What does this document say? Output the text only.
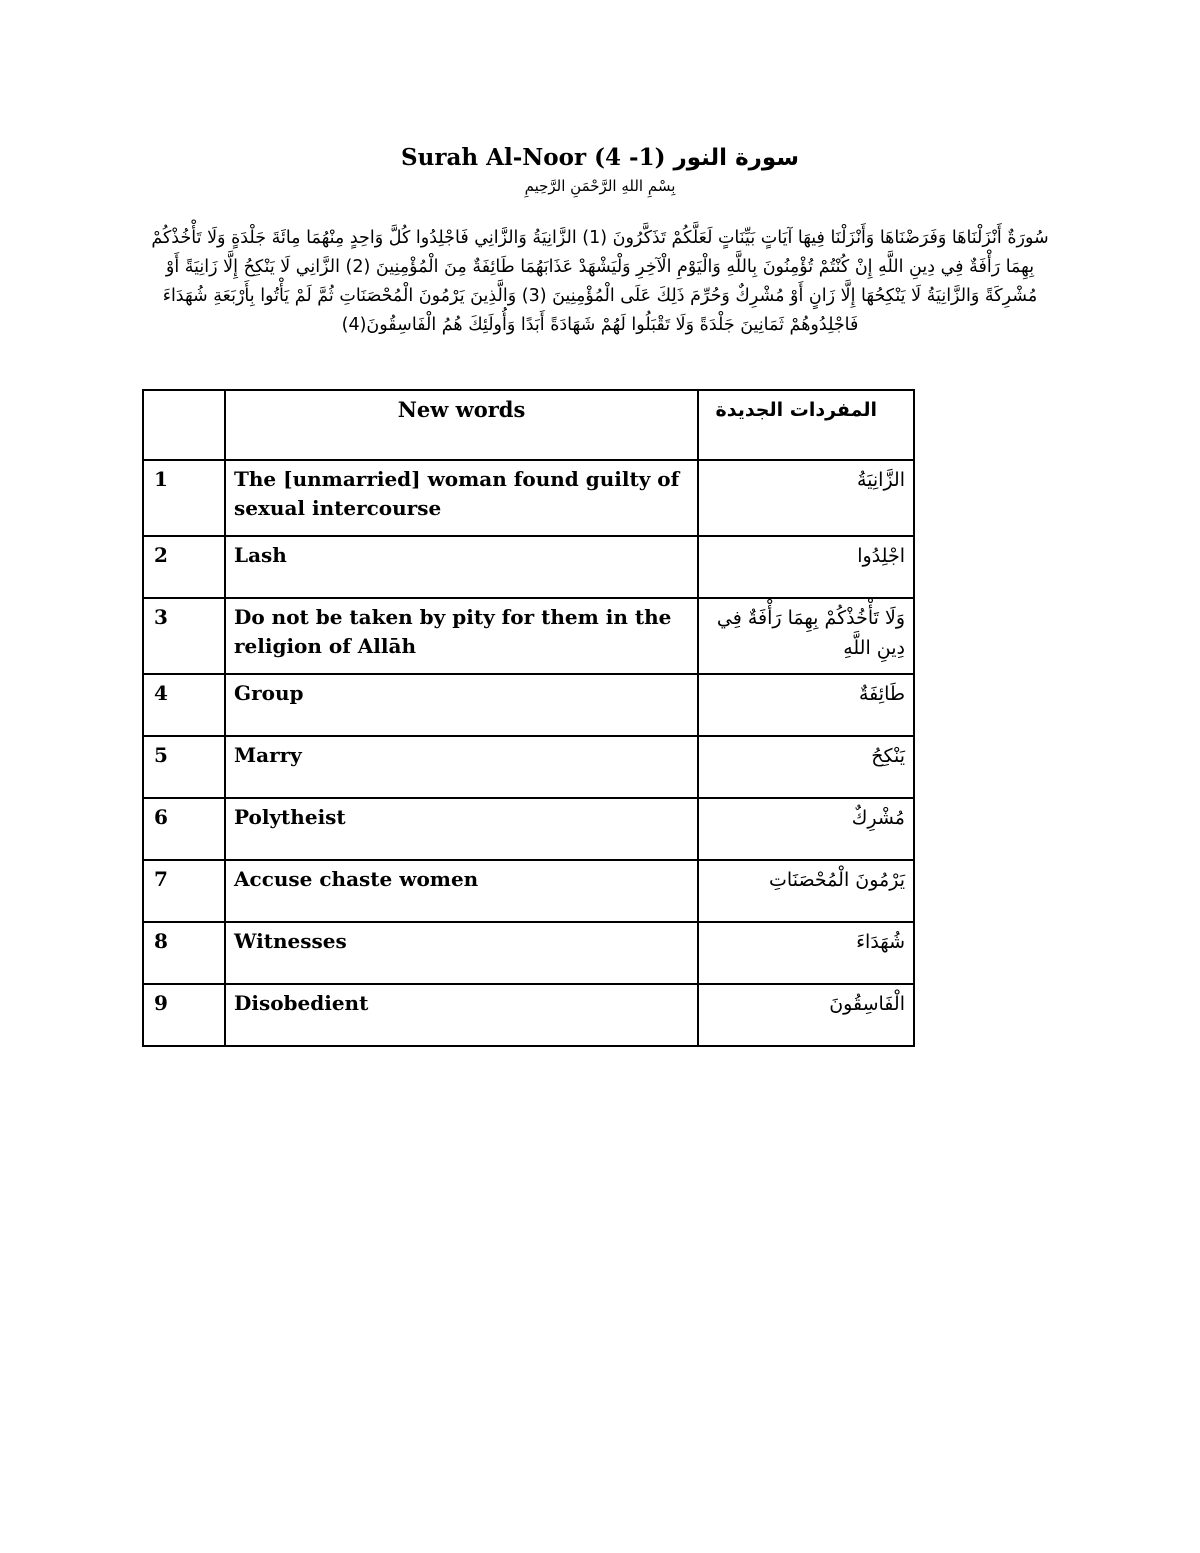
Surah Al-Noor	سورة النور (1- 4)
بِسْمِ اللهِ الرَّحْمَنِ الرَّحِيمِ
سُورَةٌ أَنْزَلْنَاهَا وَفَرَضْنَاهَا وَأَنْزَلْنَا فِيهَا آيَاتٍ بَيِّنَاتٍ لَعَلَّكُمْ تَذَكَّرُونَ (1) الزَّانِيَةُ وَالزَّانِي فَاجْلِدُوا كُلَّ وَاحِدٍ مِنْهُمَا مِائَةَ جَلْدَةٍ وَلَا تَأْخُذْكُمْ بِهِمَا رَأْفَةٌ فِي دِينِ اللَّهِ إِنْ كُنْتُمْ تُؤْمِنُونَ بِاللَّهِ وَالْيَوْمِ الْآخِرِ وَلْيَشْهَدْ عَذَابَهُمَا طَائِفَةٌ مِنَ الْمُؤْمِنِينَ (2) الزَّانِي لَا يَنْكِحُ إِلَّا زَانِيَةً أَوْ مُشْرِكَةً وَالزَّانِيَةُ لَا يَنْكِحُهَا إِلَّا زَانٍ أَوْ مُشْرِكٌ وَحُرِّمَ ذَلِكَ عَلَى الْمُؤْمِنِينَ (3) وَالَّذِينَ يَرْمُونَ الْمُحْصَنَاتِ ثُمَّ لَمْ يَأْتُوا بِأَرْبَعَةِ شُهَدَاءَ فَاجْلِدُوهُمْ ثَمَانِينَ جَلْدَةً وَلَا تَقْبَلُوا لَهُمْ شَهَادَةً أَبَدًا وَأُولَئِكَ هُمُ الْفَاسِقُونَ(4)
	New words	المفردات الجديدة
1	The [unmarried] woman found guilty of sexual intercourse	الزَّانِيَةُ
2	Lash	اجْلِدُوا
3	Do not be taken by pity for them in the religion of Allāh	وَلَا تَأْخُذْكُمْ بِهِمَا رَأْفَةٌ فِي دِينِ اللَّهِ
4	Group	طَائِفَةٌ
5	Marry	يَنْكِحُ
6	Polytheist	مُشْرِكٌ
7	Accuse chaste women	يَرْمُونَ الْمُحْصَنَاتِ
8	Witnesses	شُهَدَاءَ
9	Disobedient	الْفَاسِقُونَ
